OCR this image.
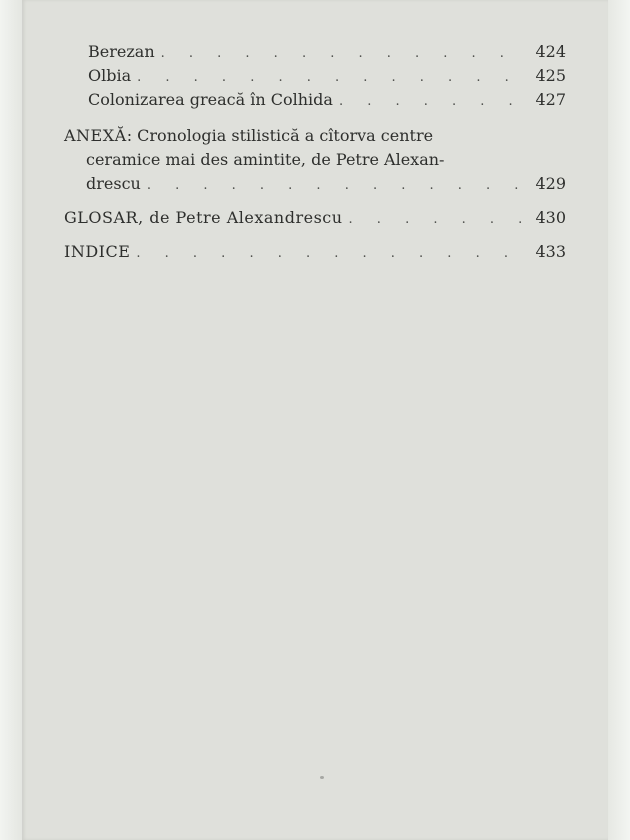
Berezan . . .	424
Olbia . . .	425
Colonizarea greacă în Colhida . . .	427
ANEXĂ: Cronologia stilistică a cîtorva centre
ceramice mai des amintite, de Petre Alexan-
drescu . . .	429
GLOSAR, de Petre Alexandrescu . . .	430
INDICE . . .	433
